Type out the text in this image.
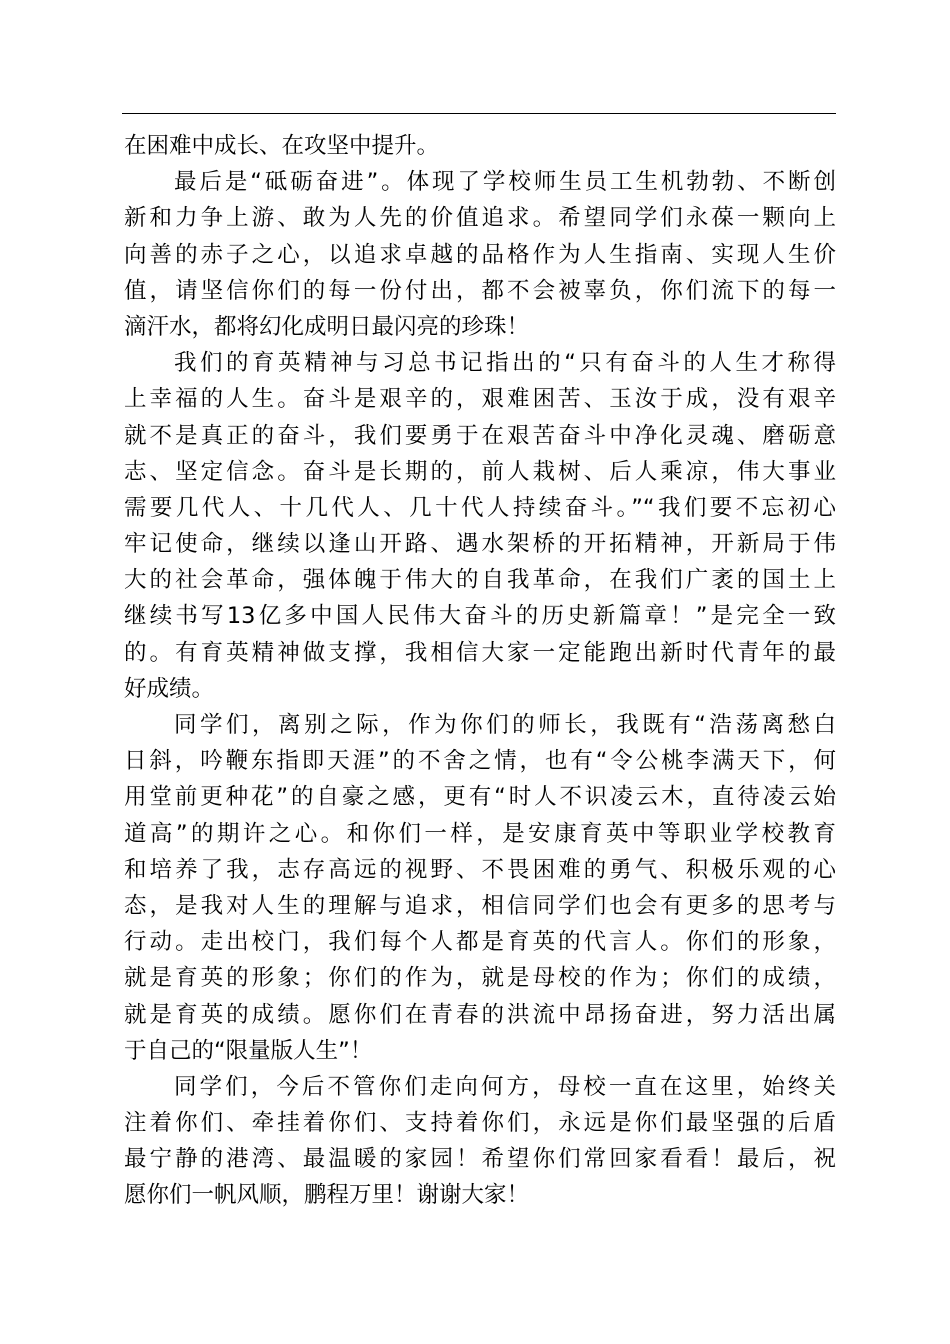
在困难中成长、在攻坚中提升。
最后是“砥砺奋进”。体现了学校师生员工生机勃勃、不断创
新和力争上游、敢为人先的价值追求。希望同学们永葆一颗向上
向善的赤子之心，以追求卓越的品格作为人生指南、实现人生价
值，请坚信你们的每一份付出，都不会被辜负，你们流下的每一
滴汗水，都将幻化成明日最闪亮的珍珠！
我们的育英精神与习总书记指出的“只有奋斗的人生才称得
上幸福的人生。奋斗是艰辛的，艰难困苦、玉汝于成，没有艰辛
就不是真正的奋斗，我们要勇于在艰苦奋斗中净化灵魂、磨砺意
志、坚定信念。奋斗是长期的，前人栽树、后人乘凉，伟大事业
需要几代人、十几代人、几十代人持续奋斗。”“我们要不忘初心
牢记使命，继续以逢山开路、遇水架桥的开拓精神，开新局于伟
大的社会革命，强体魄于伟大的自我革命，在我们广袤的国土上
继续书写13亿多中国人民伟大奋斗的历史新篇章！”是完全一致
的。有育英精神做支撑，我相信大家一定能跑出新时代青年的最
好成绩。
同学们，离别之际，作为你们的师长，我既有“浩荡离愁白
日斜，吟鞭东指即天涯”的不舍之情，也有“令公桃李满天下，何
用堂前更种花”的自豪之感，更有“时人不识凌云木，直待凌云始
道高”的期许之心。和你们一样，是安康育英中等职业学校教育
和培养了我，志存高远的视野、不畏困难的勇气、积极乐观的心
态，是我对人生的理解与追求，相信同学们也会有更多的思考与
行动。走出校门，我们每个人都是育英的代言人。你们的形象，
就是育英的形象；你们的作为，就是母校的作为；你们的成绩，
就是育英的成绩。愿你们在青春的洪流中昂扬奋进，努力活出属
于自己的“限量版人生”！
同学们，今后不管你们走向何方，母校一直在这里，始终关
注着你们、牵挂着你们、支持着你们，永远是你们最坚强的后盾
最宁静的港湾、最温暖的家园！希望你们常回家看看！最后，祝
愿你们一帆风顺，鹏程万里！谢谢大家！
